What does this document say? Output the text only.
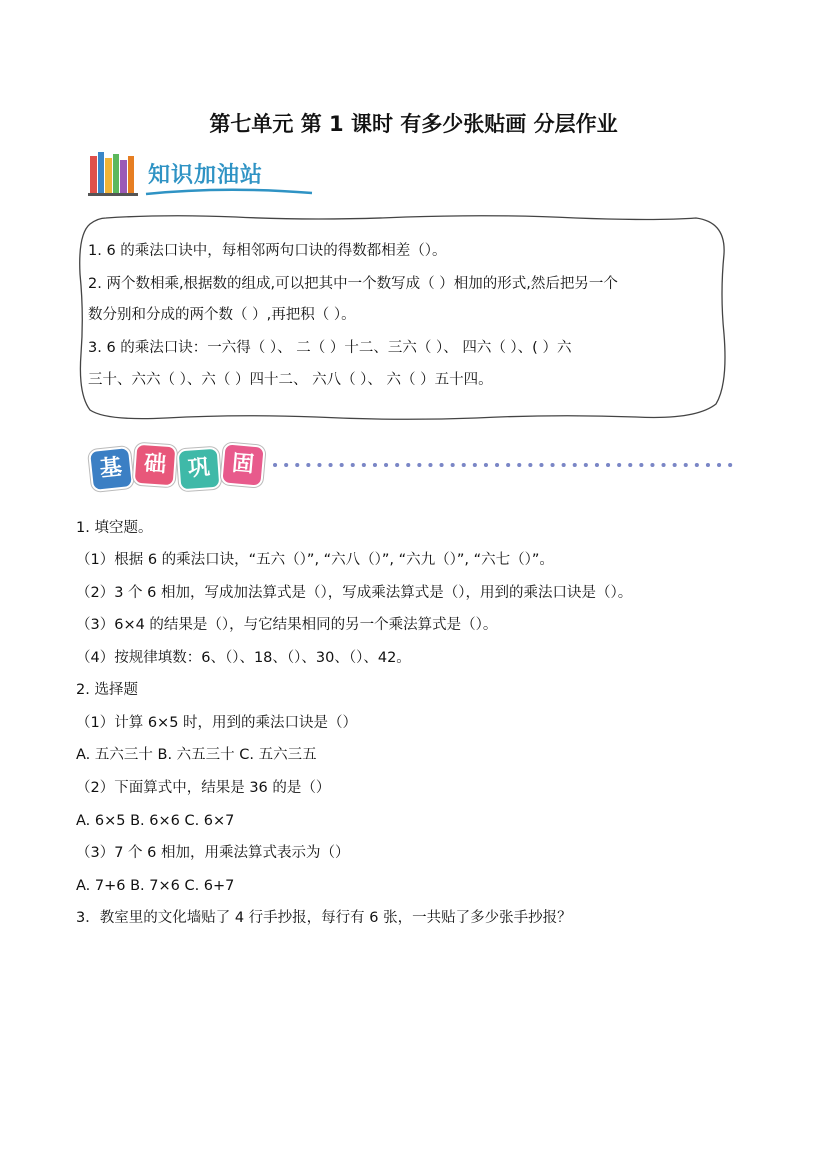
第七单元 第 1 课时 有多少张贴画 分层作业
知识加油站
1. 6 的乘法口诀中，每相邻两句口诀的得数都相差（）。
2. 两个数相乘,根据数的组成,可以把其中一个数写成（ ）相加的形式,然后把另一个
数分别和分成的两个数（ ）,再把积（ ）。
3. 6 的乘法口诀：一六得（ ）、 二（ ）十二、三六（ ）、 四六（ ）、( ）六
三十、六六（ ）、六（ ）四十二、 六八（ ）、 六（ ）五十四。
基 础 巩 固
1. 填空题。
（1）根据 6 的乘法口诀，“五六（）”, “六八（）”, “六九（）”, “六七（）”。
（2）3 个 6 相加，写成加法算式是（），写成乘法算式是（），用到的乘法口诀是（）。
（3）6×4 的结果是（），与它结果相同的另一个乘法算式是（）。
（4）按规律填数：6、（）、18、（）、30、（）、42。
2. 选择题
（1）计算 6×5 时，用到的乘法口诀是（）
A. 五六三十 B. 六五三十 C. 五六三五
（2）下面算式中，结果是 36 的是（）
A. 6×5 B. 6×6 C. 6×7
（3）7 个 6 相加，用乘法算式表示为（）
A. 7+6 B. 7×6 C. 6+7
3．教室里的文化墙贴了 4 行手抄报，每行有 6 张，一共贴了多少张手抄报？
